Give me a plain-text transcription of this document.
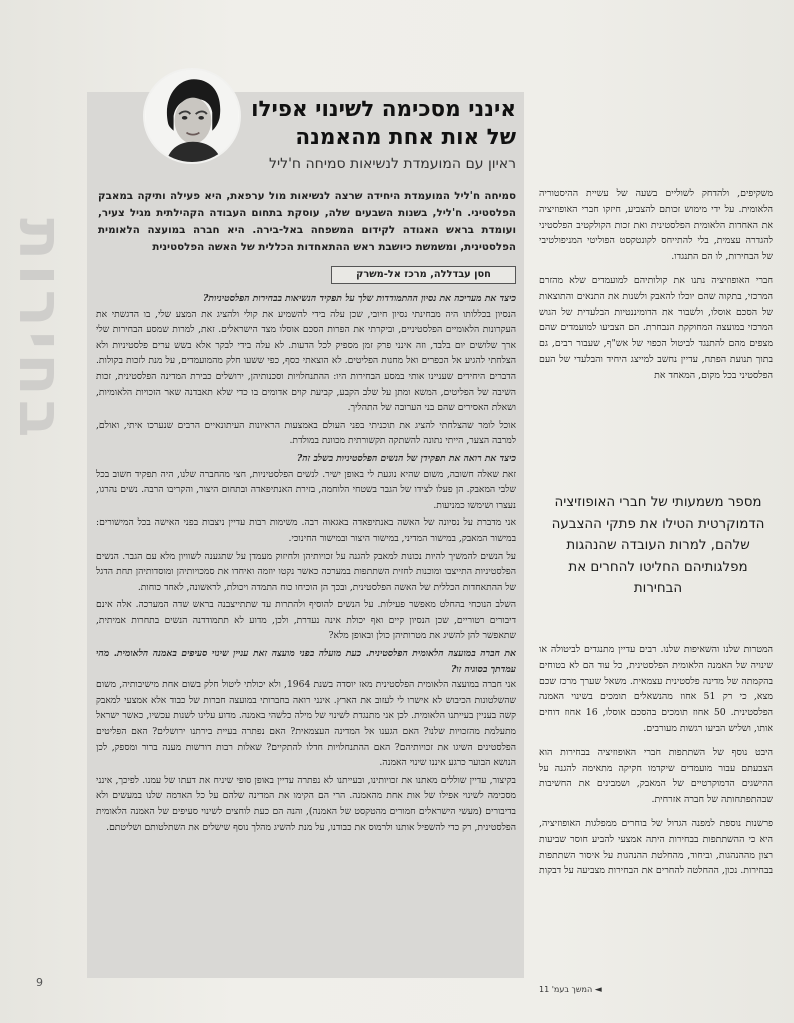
בחירות
אינני מסכימה לשינוי אפילו של אות אחת מהאמנה
ראיון עם המועמדת לנשיאות סמיחה ח'ליל
סמיחה ח'ליל המועמדת היחידה שרצה לנשיאות מול ערפאת, היא פעילה ותיקה במאבק הפלסטיני. ח'ליל, בשנות השבעים שלה, עוסקת בתחום העבודה הקהילתית מגיל צעיר, ועומדת בראש האגודה לקידום המשפחה באל-בירה. היא חברה במועצה הלאומית הפלסטינית, ומשמשת כיושבת ראש ההתאחדות הכללית של האשה הפלסטינית
חסן עבדללה, מרכז אל-משרק
כיצד את מעריכה את נסיון ההתמודדות שלך על תפקיד הנשיאות בבחירות הפלסטיניות?
הנסיון בכללותו היה מבחינתי נסיון חיובי, שכן עלה בידי להשמיע את קולי ולהציג את המצע שלי, בו הדגשתי את העקרונות הלאומיים הפלסטיניים, וביקרתי את הפרות הסכם אוסלו מצד הישראלים. זאת, למרות שמסע הבחירות שלי ארך שלושים יום בלבד, וזה אינני פרק זמן מספיק לכל הדעות. לא עלה בידי לבקר אלא בשש ערים פלסטיניות ולא הצלחתי להגיע אל הכפרים ואל מחנות הפליטים. לא הוצאתי כסף, כפי ששעו חלק מהמועמדים, על מנת לזכות בקולות. הדברים היחידים שעניינו אותי במסע הבחירות היו: ההתנחלויות וסכנותיהן, ירושלים כבירת המדינה הפלסטינית, זכות השיבה של הפליטים, המשא ומתן על שלב הקבע, קביעת קוים אדומים בו כדי שלא תאבדנה שאר הזכויות הלאומיות, ושאלת האסירים שהם בני הערובה של התהליך.
אוכל לומר שהצלחתי להציג את תוכניתי בפני העולם באמצעות הראיונות העיתונאיים הרבים שנערכו איתי, ואולם, למרבה הצער, הייתי נתונה להשתקה תקשורתית מכוונת במולדת.
כיצד את רואה את תפקידן של הנשים הפלסטיניות בשלב זה?
זאת שאלה חשובה, משום שהיא נוגעת לי באופן ישיר. לנשים הפלסטיניות, חצי מהחברה שלנו, היה תפקיד חשוב בכל שלבי המאבק. הן פעלו לצידו של הגבר בשטחי הלוחמה, בזירת האנתיפאדה ובתחום היצור, והקריבו הרבה. נשים נהרגו, נעצרו ושימשו כמניעות.
אני מדברת על נסיונה של האשה באנתיפאדה באגאוה רבה. משימות רבות עדיין ניצבות בפני האישה בכל המישורים: במישור המאבק, במישור המדיני, במישור היצור ובמישור החינוכי.
על הנשים להמשיך להיות נכונות למאבק להגנה על זכויותיהן ולחיזוק מעמדן על שתגענה לשוויון מלא עם הגבר. הנשים הפלסטיניות התייצבו ומוכנות לחזית השתתפות במערכה כאשר נקטו יוזמה ואיחדו את סמכויותיהן ומוסדותיהן תחת הדגל של ההתאחדות הכללית של האשה הפלסטינית, ובכך הן הוכיחו כוח התמדה ויכולת, לראשונה, לאחד כוחות.
השלב הנוכחי בהחלט מאפשר פעילות. על הנשים להוסיף ולהתרות עד שתתייצבנה בראש שדה המערכה. אלה אינם דיבורים רטוריים, שכן הנסיון קיים ואף יכולת אינה נעדרת, ולכן, מדוע לא תתמודדנה הנשים בתחרות אמיתית, שתאפשר להן להשיג את מטרותיהן כולן ובאופן מלא?
את חברה במועצה הלאומית הפלסטינית. כעת מועלה בפני מועצה זאת עניין שינוי סעיפים באמנה הלאומית. מהי עמדתך בסוגיה זו?
אני חברה במועצה הלאומית הפלסטינית מאז יוסדה בשנת 1964, ולא יכולתי ליטול חלק בשום אחת מישיבותיה, משום שהשלטונות הכיבוש לא אישרו לי לעזוב את הארץ. אינני רואה בחברותי במועצה חברות של כבוד אלא אמצעי למאבק קשה בעניין בעייתנו הלאומית. לכן אני מתנגדת לשינוי של מילה כלשהי באמנה. מדוע עלינו לשנות עכשיו, כאשר ישראל מתעלמת מהזכויות שלנו? האם הגענו אל המדינה העצמאית? האם נפתרה בעיית בירתנו ירושלים? האם הפליטים הפלסטינים השיגו את זכויותיהם? האם ההתנחלויות חדלו להתקיים? שאלות רבות דורשות מענה ברור ומספק, לכן הנושא הבוער כרגע איננו שינוי האמנה.
בקיצור, עדיין שוללים מאתנו את זכויותינו, ובעייתנו לא נפתרה עדיין באופן סופי שיניח את דעתו של עמנו. לפיכך, אינני מסכימה לשינוי אפילו של אות אחת מהאמנה. הרי הם הקימו את המדינה שלהם על כל האדמה שלנו במעשים ולא בדיבורים (מעשי הישראלים חמורים מהטקסט של האמנה), והנה הם כעת לוחצים לשינוי סעיפים של האמנה הלאומית הפלסטינית, רק כדי להשפיל אותנו ולרמוס את כבודנו, על מנת להשיג מהלך נוסף שישלים את השתלטותם ושליטתם.
משקיפים, ולהדחק לשוליים בשעה של עשיית ההיסטוריה הלאומית. על ידי מימוש זכותם להצביע, חיזקו חברי האופוזיציה את האחדות הלאומית הפלסטינית ואת זכות הקולקטיב הפלסטיני להגדרה עצמית, בלי להתייחס לקונטקסט הפוליטי המניפולטיבי של הבחירות, לו הם התנגדו.
חברי האופוזיציה נתנו את קולותיהם למועמדים שלא מהזרם המרכזי, בתקוה שהם יוכלו להאבק ולשנות את התנאים והתוצאות של הסכם אוסלו, ולשבור את הדומיננטיות הבלעדית של הגוש המרכזי במועצה המחוקקת הנבחרת. הם הצביעו למועמדים שהם מצפים מהם להתנגד לביטול הכפוי של אש"ף, שעבור רבים, גם בתוך תנועת הפתח, עדיין נחשב למייצג היחיד והבלעדי של העם הפלסטיני בכל מקום, המאחד את
מספר משמעותי של חברי האופוזיציה הדמוקרטית הטילו את פתקי ההצבעה שלהם, למרות העובדה שהנהגות מפלגותיהם החליטו להחרים את הבחירות
המטרות שלנו והשאיפות שלנו. רבים עדיין מתנגדים לביטולה או שינויה של האמנה הלאומית הפלסטינית, כל עוד הם לא בטוחים בהקמתה של מדינה פלסטינית עצמאית. משאל שערך מרכז שכם מצא, כי רק 51 אחוז מהנשאלים תומכים בשינוי האמנה הפלסטינית. 50 אחוז תומכים בהסכם אוסלו, 16 אחוז דוחים אותו, ושליש הביעו רגשות מעורבים.
היבט נוסף של השתתפות חברי האופוזיציה בבחירות הוא הצבעתם עבור מועמדים שיקדמו חקיקה מתאימה להגנה על ההישגים הדמוקרטיים של המאבק, ושמבינים את החשיבות שבהתפתחותה של חברה אזרחית.
פרשנות נוספת למפנה הגדול של בוחרים ממפלגות האופוזיציה, היא כי ההשתתפות בבחירות היתה אמצעי להביע חוסר שביעות רצון מההנהגות, וביחוד, מהחלטת ההנהגות על איסור השתתפות בבחירות. נכון, ההחלטה להחרים את הבחירות מצביעה על דבקות
◄ המשך בעמ' 11
9
